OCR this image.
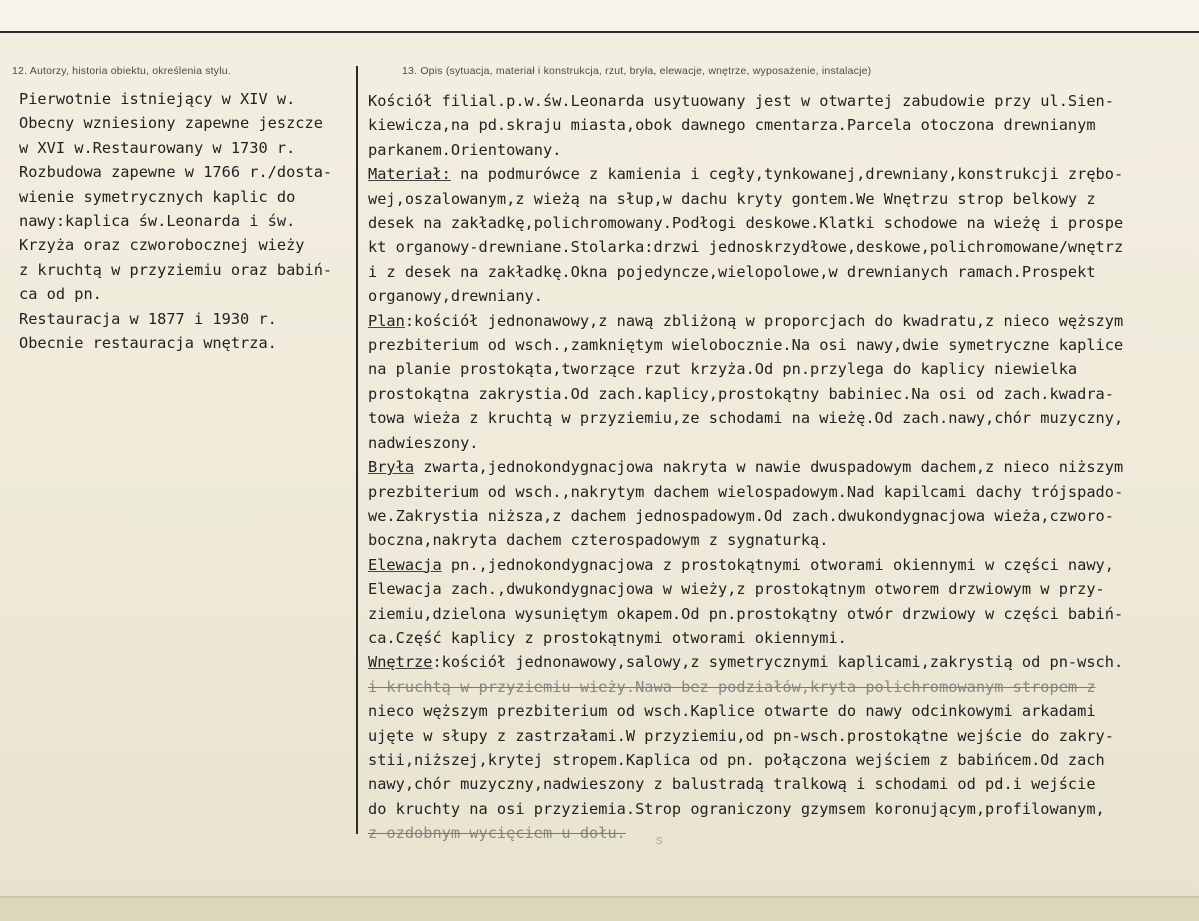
12. Autorzy, historia obiektu, określenia stylu.	13. Opis (sytuacja, materiał i konstrukcja, rzut, bryła, elewacje, wnętrze, wyposażenie, instalacje)
Pierwotnie istniejący w XIV w.
Obecny wzniesiony zapewne jeszcze
w XVI w.Restaurowany w 1730 r.
Rozbudowa zapewne w 1766 r./dosta-
wienie symetrycznych kaplic do
nawy:kaplica św.Leonarda i św.
Krzyża oraz czworobocznej wieży
z kruchtą w przyziemiu oraz babiń-
ca od pn.
Restauracja w 1877 i 1930 r.
Obecnie restauracja wnętrza.
Kościół filial.p.w.św.Leonarda usytuowany jest w otwartej zabudowie przy ul.Sien-
kiewicza,na pd.skraju miasta,obok dawnego cmentarza.Parcela otoczona drewnianym
parkanem.Orientowany.
Materiał: na podmurówce z kamienia i cegły,tynkowanej,drewniany,konstrukcji zrębo-
wej,oszalowanym,z wieżą na słup,w dachu kryty gontem.We Wnętrzu strop belkowy z
desek na zakładkę,polichromowany.Podłogi deskowe.Klatki schodowe na wieżę i prospe
kt organowy-drewniane.Stolarka:drzwi jednoskrzydłowe,deskowe,polichromowane/wnętrz
i z desek na zakładkę.Okna pojedyncze,wielopolowe,w drewnianych ramach.Prospekt
organowy,drewniany.
Plan:kościół jednonawowy,z nawą zbliżoną w proporcjach do kwadratu,z nieco węższym
prezbiterium od wsch.,zamkniętym wielobocznie.Na osi nawy,dwie symetryczne kaplice
na planie prostokąta,tworzące rzut krzyża.Od pn.przylega do kaplicy niewielka
prostokątna zakrystia.Od zach.kaplicy,prostokątny babiniec.Na osi od zach.kwadra-
towa wieża z kruchtą w przyziemiu,ze schodami na wieżę.Od zach.nawy,chór muzyczny,
nadwieszony.
Bryła zwarta,jednokondygnacjowa nakryta w nawie dwuspadowym dachem,z nieco niższym
prezbiterium od wsch.,nakrytym dachem wielospadowym.Nad kapilcami dachy trójspado-
we.Zakrystia niższa,z dachem jednospadowym.Od zach.dwukondygnacjowa wieża,czworo-
boczna,nakryta dachem czterospadowym z sygnaturką.
Elewacja pn.,jednokondygnacjowa z prostokątnymi otworami okiennymi w części nawy,
Elewacja zach.,dwukondygnacjowa w wieży,z prostokątnym otworem drzwiowym w przy-
ziemiu,dzielona wysuniętym okapem.Od pn.prostokątny otwór drzwiowy w części babiń-
ca.Część kaplicy z prostokątnymi otworami okiennymi.
Wnętrze:kościół jednonawowy,salowy,z symetrycznymi kaplicami,zakrystią od pn-wsch.
i kruchtą w przyziemiu wieży.Nawa bez podziałów,kryta polichromowanym stropem z
nieco węższym prezbiterium od wsch.Kaplice otwarte do nawy odcinkowymi arkadami
ujęte w słupy z zastrzałami.W przyziemiu,od pn-wsch.prostokątne wejście do zakry-
stii,niższej,krytej stropem.Kaplica od pn. połączona wejściem z babińcem.Od zach
nawy,chór muzyczny,nadwieszony z balustradą tralkową i schodami od pd.i wejście
do kruchty na osi przyziemia.Strop ograniczony gzymsem koronującym,profilowanym,
z ozdobnym wycięciem u dołu.	s
